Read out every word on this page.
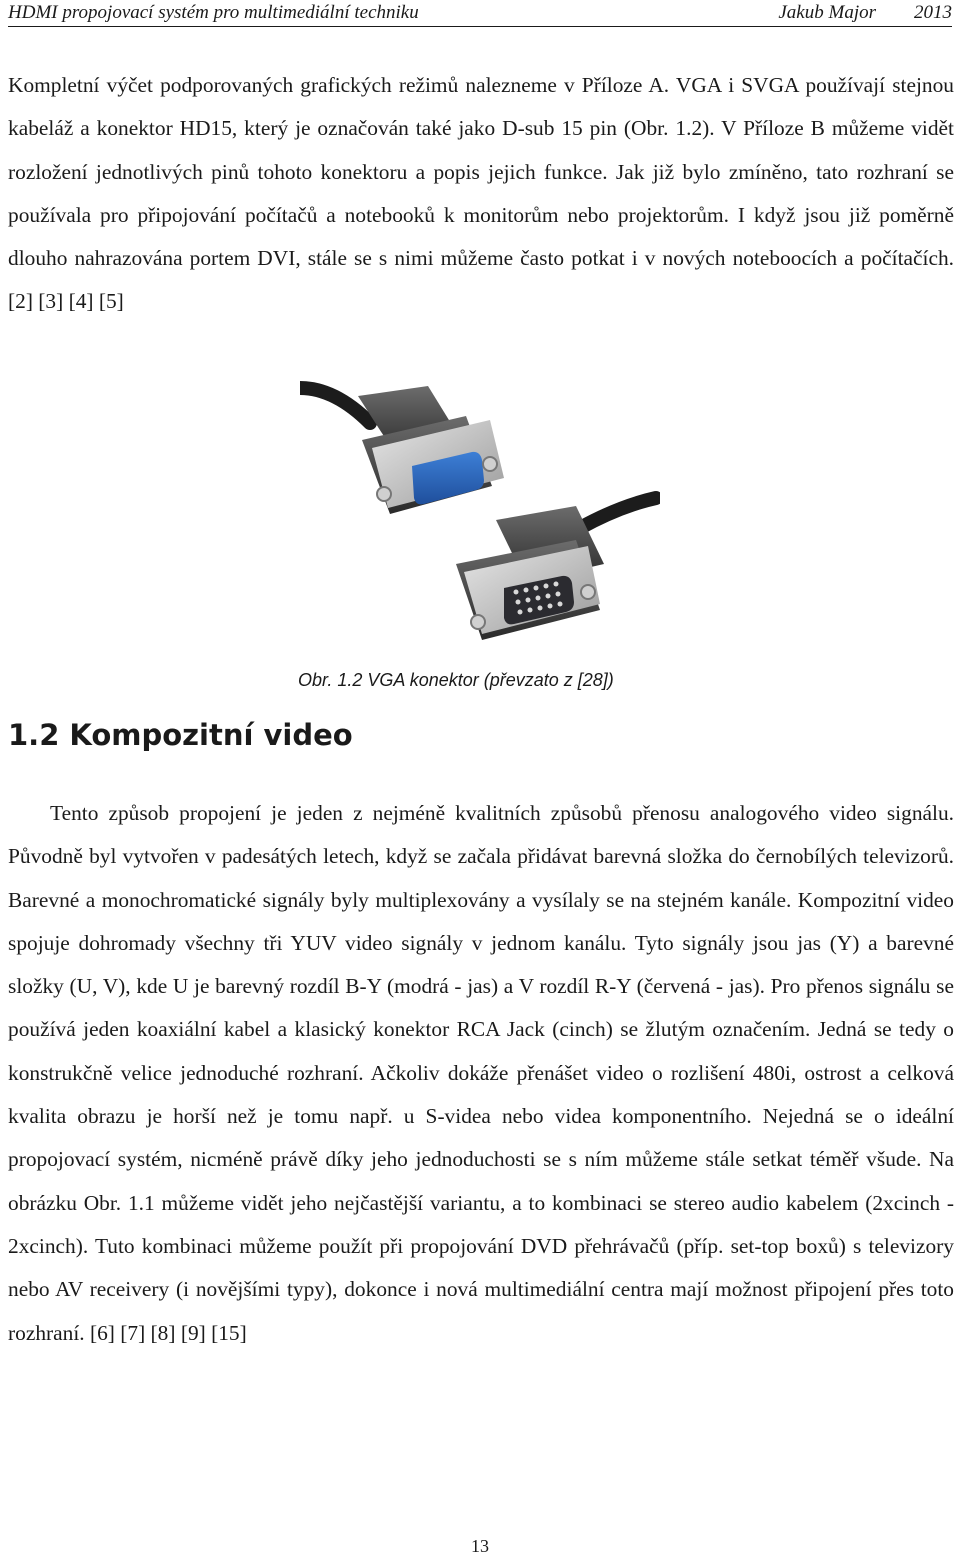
HDMI propojovací systém pro multimediální techniku	Jakub Major 2013

Kompletní výčet podporovaných grafických režimů nalezneme v Příloze A. VGA i SVGA používají stejnou kabeláž a konektor HD15, který je označován také jako D-sub 15 pin (Obr. 1.2). V Příloze B můžeme vidět rozložení jednotlivých pinů tohoto konektoru a popis jejich funkce. Jak již bylo zmíněno, tato rozhraní se používala pro připojování počítačů a notebooků k monitorům nebo projektorům. I když jsou již poměrně dlouho nahrazována portem DVI, stále se s nimi můžeme často potkat i v nových noteboocích a počítačích. [2] [3] [4] [5]

Obr. 1.2 VGA konektor (převzato z [28])
1.2 Kompozitní video

Tento způsob propojení je jeden z nejméně kvalitních způsobů přenosu analogového video signálu. Původně byl vytvořen v padesátých letech, když se začala přidávat barevná složka do černobílých televizorů. Barevné a monochromatické signály byly multiplexovány a vysílaly se na stejném kanále. Kompozitní video spojuje dohromady všechny tři YUV video signály v jednom kanálu. Tyto signály jsou jas (Y) a barevné složky (U, V), kde U je barevný rozdíl B-Y (modrá - jas) a V rozdíl R-Y (červená - jas). Pro přenos signálu se používá jeden koaxiální kabel a klasický konektor RCA Jack (cinch) se žlutým označením. Jedná se tedy o konstrukčně velice jednoduché rozhraní. Ačkoliv dokáže přenášet video o rozlišení 480i, ostrost a celková kvalita obrazu je horší než je tomu např. u S-videa nebo videa komponentního. Nejedná se o ideální propojovací systém, nicméně právě díky jeho jednoduchosti se s ním můžeme stále setkat téměř všude. Na obrázku Obr. 1.1 můžeme vidět jeho nejčastější variantu, a to kombinaci se stereo audio kabelem (2xcinch - 2xcinch). Tuto kombinaci můžeme použít při propojování DVD přehrávačů (příp. set-top boxů) s televizory nebo AV receivery (i novějšími typy), dokonce i nová multimediální centra mají možnost připojení přes toto rozhraní. [6] [7] [8] [9] [15]

13
